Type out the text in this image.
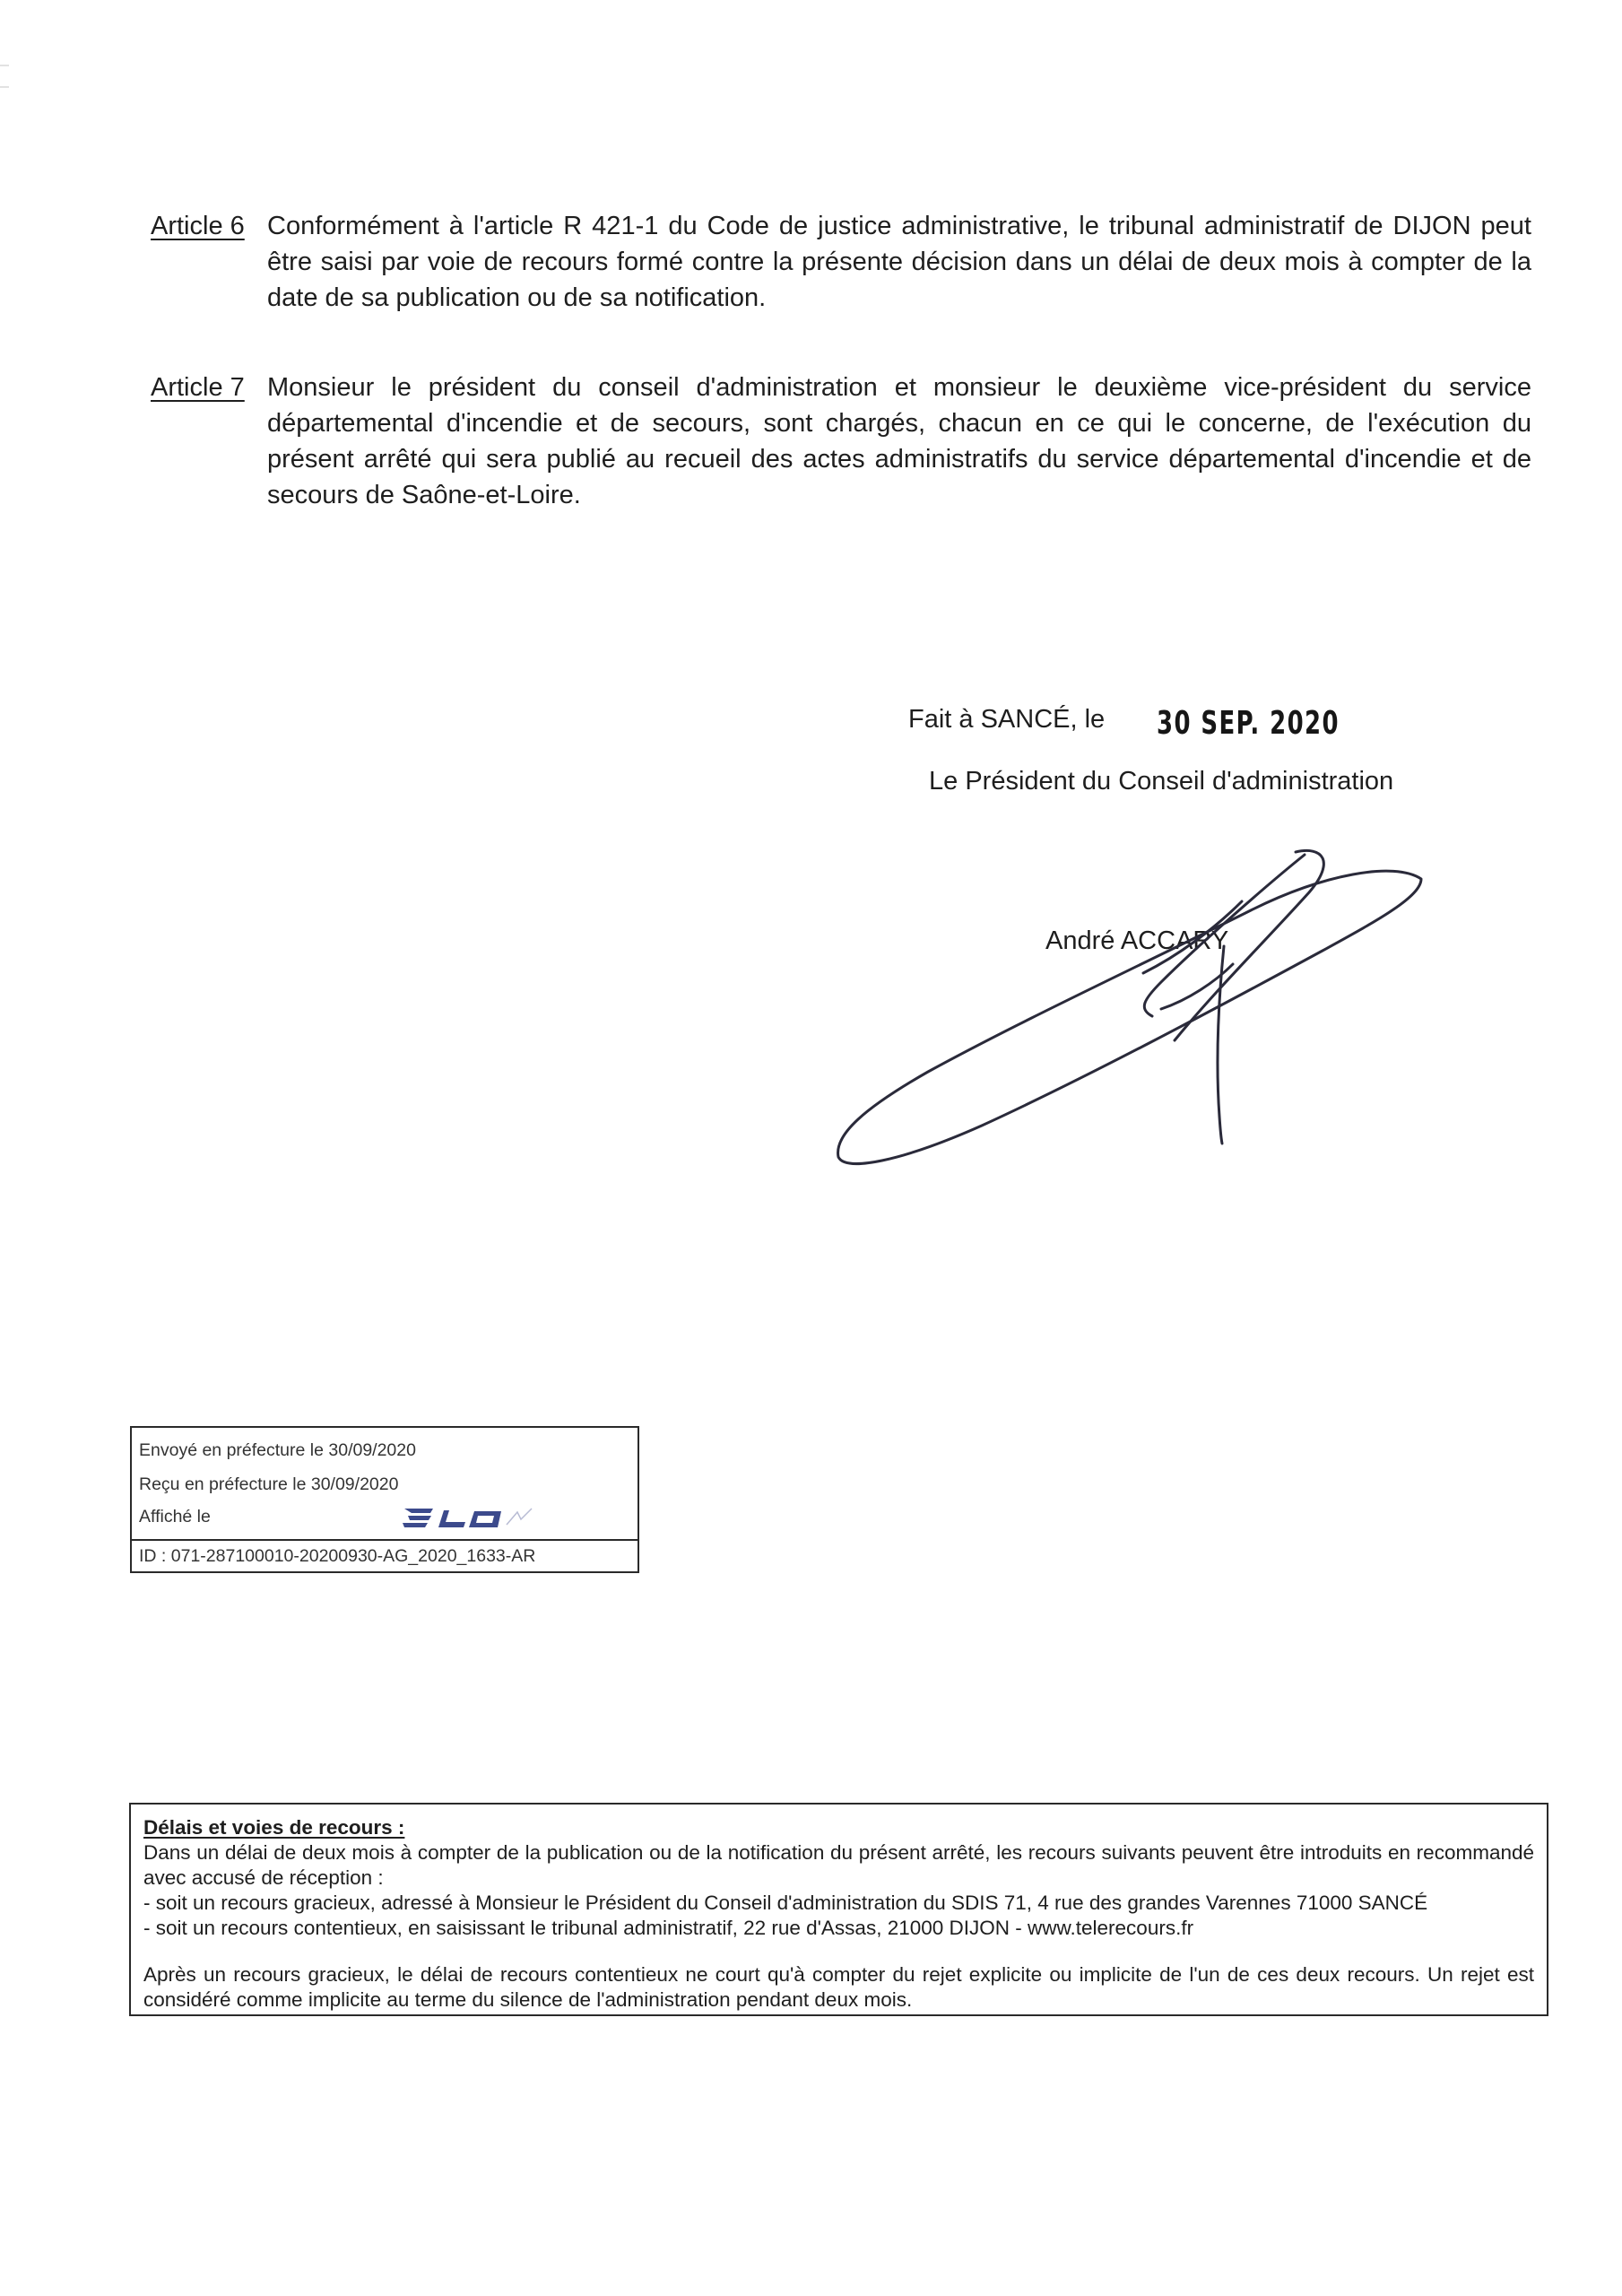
Article 6 Conformément à l'article R 421-1 du Code de justice administrative, le tribunal administratif de DIJON peut être saisi par voie de recours formé contre la présente décision dans un délai de deux mois à compter de la date de sa publication ou de sa notification.
Article 7 Monsieur le président du conseil d'administration et monsieur le deuxième vice-président du service départemental d'incendie et de secours, sont chargés, chacun en ce qui le concerne, de l'exécution du présent arrêté qui sera publié au recueil des actes administratifs du service départemental d'incendie et de secours de Saône-et-Loire.
Fait à SANCÉ, le 30 SEP. 2020
Le Président du Conseil d'administration
André ACCARY
Envoyé en préfecture le 30/09/2020
Reçu en préfecture le 30/09/2020
Affiché le
ID : 071-287100010-20200930-AG_2020_1633-AR
Délais et voies de recours :

Dans un délai de deux mois à compter de la publication ou de la notification du présent arrêté, les recours suivants peuvent être introduits en recommandé avec accusé de réception :

- soit un recours gracieux, adressé à Monsieur le Président du Conseil d'administration du SDIS 71, 4 rue des grandes Varennes 71000 SANCÉ

- soit un recours contentieux, en saisissant le tribunal administratif, 22 rue d'Assas, 21000 DIJON - www.telerecours.fr

Après un recours gracieux, le délai de recours contentieux ne court qu'à compter du rejet explicite ou implicite de l'un de ces deux recours. Un rejet est considéré comme implicite au terme du silence de l'administration pendant deux mois.
